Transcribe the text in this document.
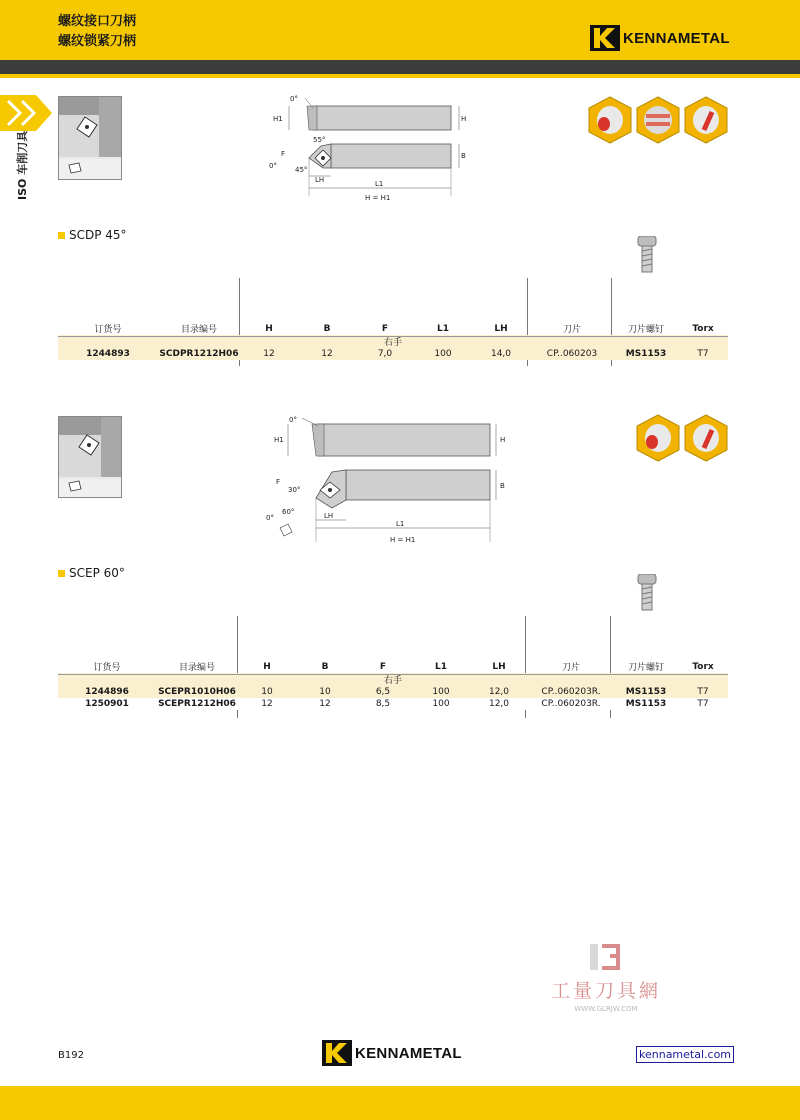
螺纹接口刀柄
螺纹锁紧刀柄	KENNAMETAL
ISO 车削刀具
0°
H1	H
55°
F
0°	45°
B
LH	L1
H = H1
SCDP 45°
订货号	目录编号	H	B	F	L1	LH	刀片	刀片螺钉	Torx
右手									
1244893	SCDPR1212H06	12	12	7,0	100	14,0	CP..060203	MS1153	T7
0°
H1	H
F
30°
60°
0°
B
LH
L1
H = H1
SCEP 60°
订货号	目录编号	H	B	F	L1	LH	刀片	刀片螺钉	Torx
右手									
1244896	SCEPR1010H06	10	10	6,5	100	12,0	CP..060203R.	MS1153	T7
1250901	SCEPR1212H06	12	12	8,5	100	12,0	CP..060203R.	MS1153	T7
工量刀具網
WWW.GLRJW.COM
B192	KENNAMETAL	kennametal.com
